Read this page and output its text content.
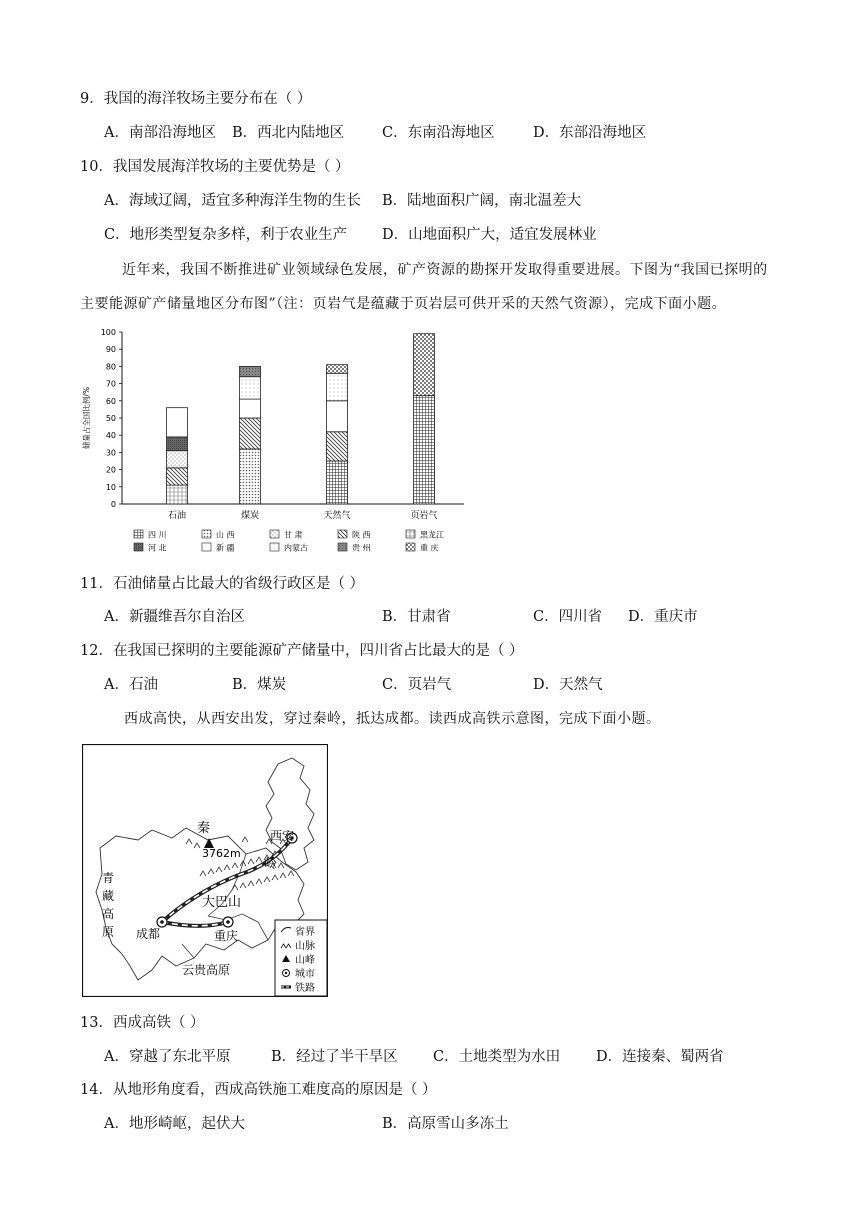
9．我国的海洋牧场主要分布在（ ）
A．南部沿海地区 B．西北内陆地区	C．东南沿海地区	D．东部沿海地区
10．我国发展海洋牧场的主要优势是（ ）
A．海域辽阔，适宜多种海洋生物的生长 B．陆地面积广阔，南北温差大
C．地形类型复杂多样，利于农业生产 D．山地面积广大，适宜发展林业
近年来，我国不断推进矿业领域绿色发展，矿产资源的勘探开发取得重要进展。下图为“我国已探明的主要能源矿产储量地区分布图”（注：页岩气是蕴藏于页岩层可供开采的天然气资源），完成下面小题。
0
10
20
30
40
50
60
70
80
90
100
储量占全国比例/%
石油	煤炭	天然气	页岩气
四 川	山 西	甘 肃	陕 西	黑龙江
河 北	新 疆	内蒙古	贵 州	重 庆
11．石油储量占比最大的省级行政区是（ ）
A．新疆维吾尔自治区	B．甘肃省	C．四川省 D．重庆市
12．在我国已探明的主要能源矿产储量中，四川省占比最大的是（ ）
A．石油	B．煤炭	C．页岩气	D．天然气
西成高快，从西安出发，穿过秦岭，抵达成都。读西成高铁示意图，完成下面小题。
西安
秦
岭
3762m
大巴山
成都	重庆
青
藏
高
原
云贵高原
省界
山脉
山峰
城市
铁路
13．西成高铁（ ）
A．穿越了东北平原	B．经过了半干旱区 C．土地类型为水田 D．连接秦、蜀两省
14．从地形角度看，西成高铁施工难度高的原因是（ ）
A．地形崎岖，起伏大	B．高原雪山多冻土
